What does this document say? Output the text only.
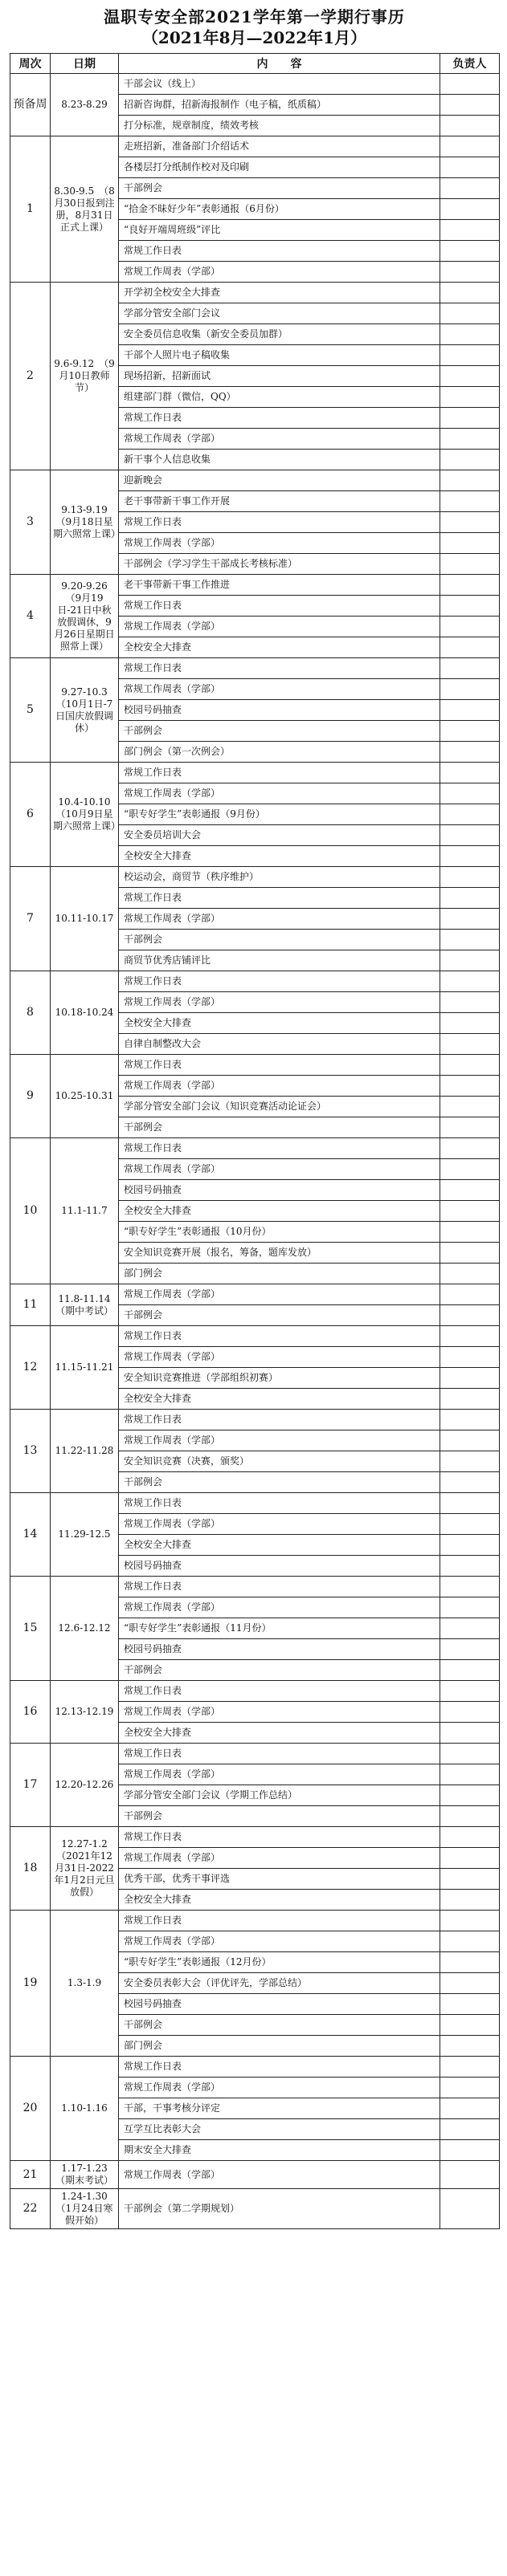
温职专安全部2021学年第一学期行事历
（2021年8月—2022年1月）
周次	日期	内　　容	负责人
预备周	8.23-8.29	干部会议（线上）	
		招新咨询群，招新海报制作（电子稿，纸质稿）	
		打分标准，规章制度，绩效考核	
1	8.30-9.5　（8月30日报到注册，8月31日正式上课）	走班招新，准备部门介绍话术	
		各楼层打分纸制作校对及印刷	
		干部例会	
		“拾金不昧好少年”表彰通报（6月份）	
		“良好开端周班级”评比	
		常规工作日表	
		常规工作周表（学部）	
2	9.6-9.12　（9月10日教师节）	开学初全校安全大排查	
		学部分管安全部门会议	
		安全委员信息收集（新安全委员加群）	
		干部个人照片电子稿收集	
		现场招新，招新面试	
		组建部门群（微信，QQ）	
		常规工作日表	
		常规工作周表（学部）	
		新干事个人信息收集	
3	9.13-9.19　（9月18日星期六照常上课）	迎新晚会	
		老干事带新干事工作开展	
		常规工作日表	
		常规工作周表（学部）	
		干部例会（学习学生干部成长考核标准）	
4	9.20-9.26　（9月19日-21日中秋放假调休，9月26日星期日照常上课）	老干事带新干事工作推进	
		常规工作日表	
		常规工作周表（学部）	
		全校安全大排查	
5	9.27-10.3　（10月1日-7日国庆放假调休）	常规工作日表	
		常规工作周表（学部）	
		校园号码抽查	
		干部例会	
		部门例会（第一次例会）	
6	10.4-10.10　（10月9日星期六照常上课）	常规工作日表	
		常规工作周表（学部）	
		“职专好学生”表彰通报（9月份）	
		安全委员培训大会	
		全校安全大排查	
7	10.11-10.17	校运动会，商贸节（秩序维护）	
		常规工作日表	
		常规工作周表（学部）	
		干部例会	
		商贸节优秀店铺评比	
8	10.18-10.24	常规工作日表	
		常规工作周表（学部）	
		全校安全大排查	
		自律自制整改大会	
9	10.25-10.31	常规工作日表	
		常规工作周表（学部）	
		学部分管安全部门会议（知识竞赛活动论证会）	
		干部例会	
10	11.1-11.7	常规工作日表	
		常规工作周表（学部）	
		校园号码抽查	
		全校安全大排查	
		“职专好学生”表彰通报（10月份）	
		安全知识竞赛开展（报名，筹备，题库发放）	
		部门例会	
11	11.8-11.14　（期中考试）	常规工作周表（学部）	
		干部例会	
12	11.15-11.21	常规工作日表	
		常规工作周表（学部）	
		安全知识竞赛推进（学部组织初赛）	
		全校安全大排查	
13	11.22-11.28	常规工作日表	
		常规工作周表（学部）	
		安全知识竞赛（决赛，颁奖）	
		干部例会	
14	11.29-12.5	常规工作日表	
		常规工作周表（学部）	
		全校安全大排查	
		校园号码抽查	
15	12.6-12.12	常规工作日表	
		常规工作周表（学部）	
		“职专好学生”表彰通报（11月份）	
		校园号码抽查	
		干部例会	
16	12.13-12.19	常规工作日表	
		常规工作周表（学部）	
		全校安全大排查	
17	12.20-12.26	常规工作日表	
		常规工作周表（学部）	
		学部分管安全部门会议（学期工作总结）	
		干部例会	
18	12.27-1.2　（2021年12月31日-2022年1月2日元旦放假）	常规工作日表	
		常规工作周表（学部）	
		优秀干部，优秀干事评选	
		全校安全大排查	
19	1.3-1.9	常规工作日表	
		常规工作周表（学部）	
		“职专好学生”表彰通报（12月份）	
		安全委员表彰大会（评优评先，学部总结）	
		校园号码抽查	
		干部例会	
		部门例会	
20	1.10-1.16	常规工作日表	
		常规工作周表（学部）	
		干部，干事考核分评定	
		互学互比表彰大会	
		期末安全大排查	
21	1.17-1.23　（期末考试）	常规工作周表（学部）	
22	1.24-1.30　（1月24日寒假开始）	干部例会（第二学期规划）	
